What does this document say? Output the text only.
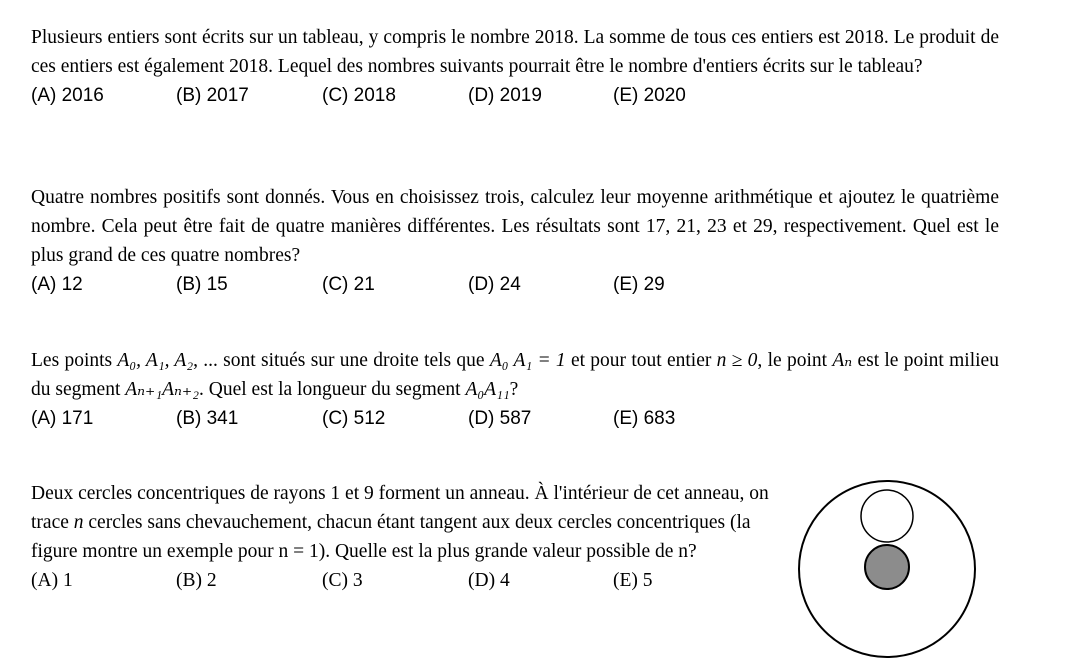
Plusieurs entiers sont écrits sur un tableau, y compris le nombre 2018. La somme de tous ces entiers est 2018. Le produit de ces entiers est également 2018. Lequel des nombres suivants pourrait être le nombre d'entiers écrits sur le tableau?

(A) 2016	(B) 2017	(C) 2018	(D) 2019	(E) 2020

Quatre nombres positifs sont donnés. Vous en choisissez trois, calculez leur moyenne arithmétique et ajoutez le quatrième nombre. Cela peut être fait de quatre manières différentes. Les résultats sont 17, 21, 23 et 29, respectivement. Quel est le plus grand de ces quatre nombres?

(A) 12	(B) 15	(C) 21	(D) 24	(E) 29

Les points A₀, A₁, A₂, ... sont situés sur une droite tels que A₀ A₁ = 1 et pour tout entier n ≥ 0, le point Aₙ est le point milieu du segment Aₙ₊₁Aₙ₊₂. Quel est la longueur du segment A₀A₁₁?

(A) 171	(B) 341	(C) 512	(D) 587	(E) 683

Deux cercles concentriques de rayons 1 et 9 forment un anneau. À l'intérieur de cet anneau, on trace n cercles sans chevauchement, chacun étant tangent aux deux cercles concentriques (la figure montre un exemple pour n = 1). Quelle est la plus grande valeur possible de n?

(A) 1	(B) 2	(C) 3	(D) 4	(E) 5
